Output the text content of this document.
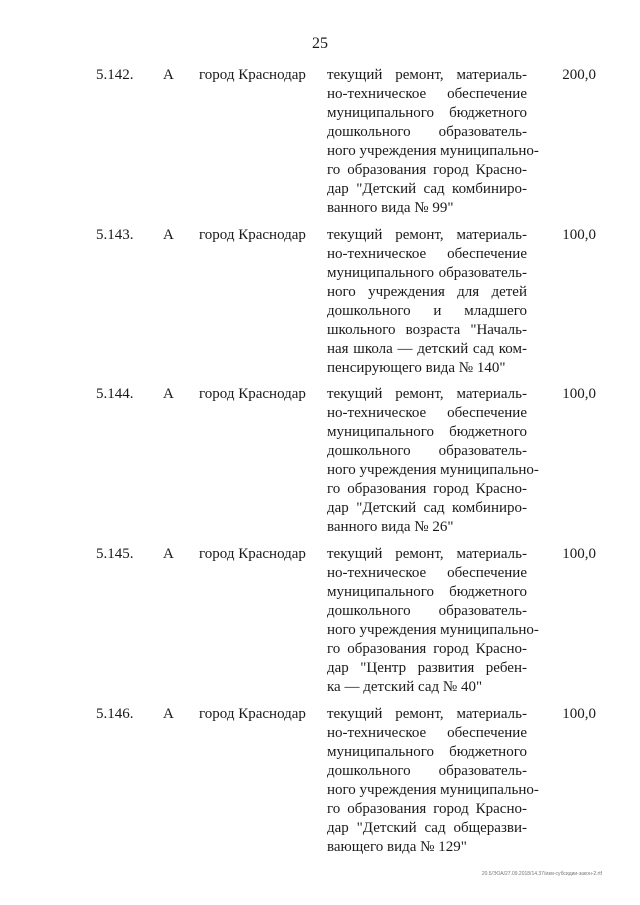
25
5.142. А город Краснодар текущий ремонт, материаль-
но-техническое обеспечение
муниципального бюджетного
дошкольного образователь-
ного учреждения муниципально-
го образования город Красно-
дар "Детский сад комбиниро-
ванного вида № 99"
200,0
5.143. А город Краснодар текущий ремонт, материаль-
но-техническое обеспечение
муниципального образователь-
ного учреждения для детей
дошкольного и младшего
школьного возраста "Началь-
ная школа — детский сад ком-
пенсирующего вида № 140"
100,0
5.144. А город Краснодар текущий ремонт, материаль-
но-техническое обеспечение
муниципального бюджетного
дошкольного образователь-
ного учреждения муниципально-
го образования город Красно-
дар "Детский сад комбиниро-
ванного вида № 26"
100,0
5.145. А город Краснодар текущий ремонт, материаль-
но-техническое обеспечение
муниципального бюджетного
дошкольного образователь-
ного учреждения муниципально-
го образования город Красно-
дар "Центр развития ребен-
ка — детский сад № 40"
100,0
5.146. А город Краснодар текущий ремонт, материаль-
но-техническое обеспечение
муниципального бюджетного
дошкольного образователь-
ного учреждения муниципально-
го образования город Красно-
дар "Детский сад общеразви-
вающего вида № 129"
100,0
20.5/ЭОА/27.09.2018/14.37/изм-субсидии-закон-2.rtf
